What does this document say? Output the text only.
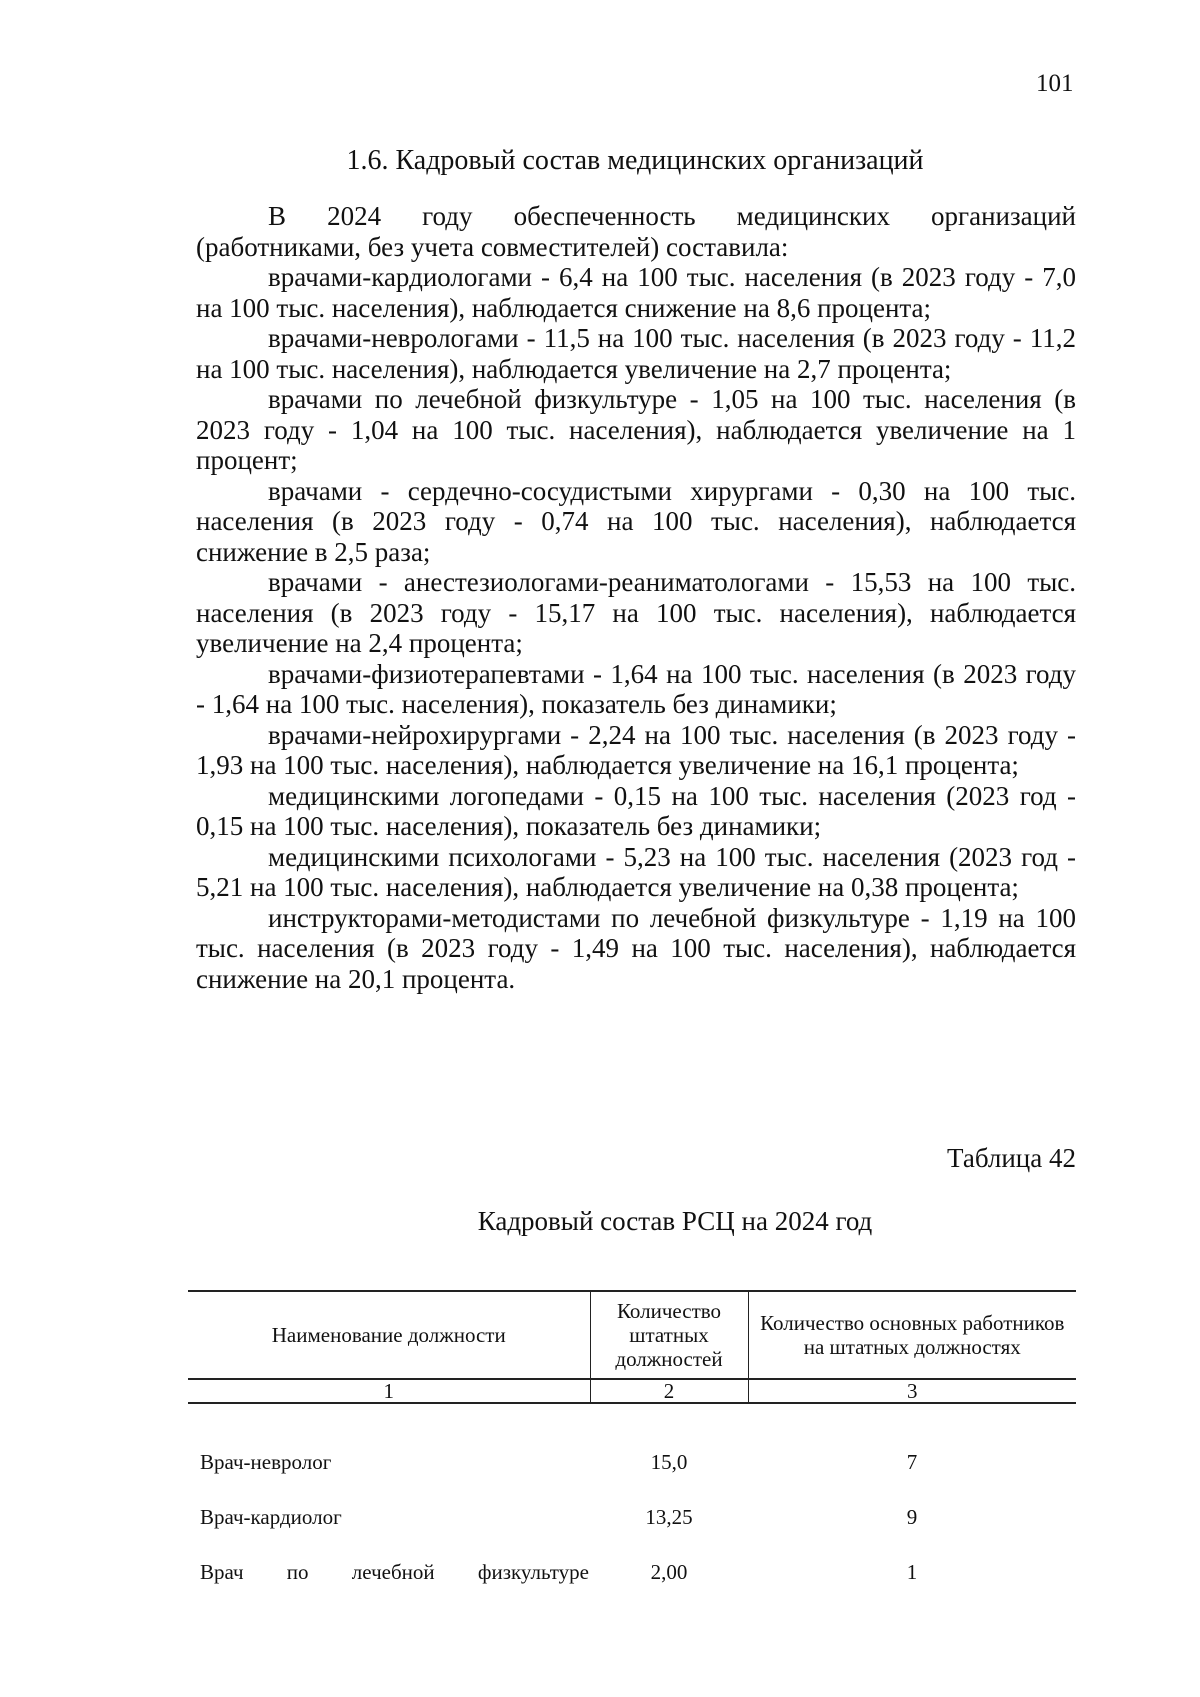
101
1.6. Кадровый состав медицинских организаций

В 2024 году обеспеченность медицинских организаций (работниками, без учета совместителей) составила:

врачами-кардиологами - 6,4 на 100 тыс. населения (в 2023 году - 7,0 на 100 тыс. населения), наблюдается снижение на 8,6 процента;

врачами-неврологами - 11,5 на 100 тыс. населения (в 2023 году - 11,2 на 100 тыс. населения), наблюдается увеличение на 2,7 процента;

врачами по лечебной физкультуре - 1,05 на 100 тыс. населения (в 2023 году - 1,04 на 100 тыс. населения), наблюдается увеличение на 1 процент;

врачами - сердечно-сосудистыми хирургами - 0,30 на 100 тыс. населения (в 2023 году - 0,74 на 100 тыс. населения), наблюдается снижение в 2,5 раза;

врачами - анестезиологами-реаниматологами - 15,53 на 100 тыс. населения (в 2023 году - 15,17 на 100 тыс. населения), наблюдается увеличение на 2,4 процента;

врачами-физиотерапевтами - 1,64 на 100 тыс. населения (в 2023 году - 1,64 на 100 тыс. населения), показатель без динамики;

врачами-нейрохирургами - 2,24 на 100 тыс. населения (в 2023 году - 1,93 на 100 тыс. населения), наблюдается увеличение на 16,1 процента;

медицинскими логопедами - 0,15 на 100 тыс. населения (2023 год - 0,15 на 100 тыс. населения), показатель без динамики;

медицинскими психологами - 5,23 на 100 тыс. населения (2023 год - 5,21 на 100 тыс. населения), наблюдается увеличение на 0,38 процента;

инструкторами-методистами по лечебной физкультуре - 1,19 на 100 тыс. населения (в 2023 году - 1,49 на 100 тыс. населения), наблюдается снижение на 20,1 процента.

Таблица 42
Кадровый состав РСЦ на 2024 год
Наименование должности	Количество штатных должностей	Количество основных работников на штатных должностях
1	2	3
Врач-невролог	15,0	7
Врач-кардиолог	13,25	9
Врач по лечебной физкультуре	2,00	1
